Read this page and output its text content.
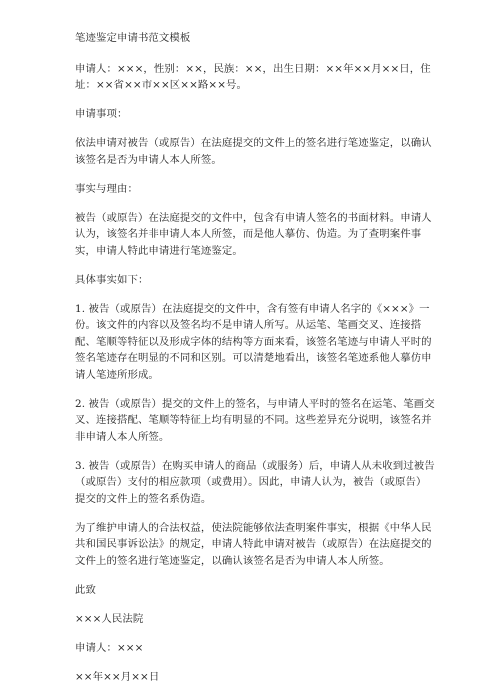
笔迹鉴定申请书范文模板

申请人：×××，性别：××，民族：××，出生日期：××年××月××日，住址：××省××市××区××路××号。

申请事项：

依法申请对被告（或原告）在法庭提交的文件上的签名进行笔迹鉴定，以确认该签名是否为申请人本人所签。

事实与理由：

被告（或原告）在法庭提交的文件中，包含有申请人签名的书面材料。申请人认为，该签名并非申请人本人所签，而是他人摹仿、伪造。为了查明案件事实，申请人特此申请进行笔迹鉴定。

具体事实如下：

1. 被告（或原告）在法庭提交的文件中，含有签有申请人名字的《×××》一份。该文件的内容以及签名均不是申请人所写。从运笔、笔画交叉、连接搭配、笔顺等特征以及形成字体的结构等方面来看，该签名笔迹与申请人平时的签名笔迹存在明显的不同和区别。可以清楚地看出，该签名笔迹系他人摹仿申请人笔迹所形成。

2. 被告（或原告）提交的文件上的签名，与申请人平时的签名在运笔、笔画交叉、连接搭配、笔顺等特征上均有明显的不同。这些差异充分说明，该签名并非申请人本人所签。

3. 被告（或原告）在购买申请人的商品（或服务）后，申请人从未收到过被告（或原告）支付的相应款项（或费用）。因此，申请人认为，被告（或原告）提交的文件上的签名系伪造。

为了维护申请人的合法权益，使法院能够依法查明案件事实，根据《中华人民共和国民事诉讼法》的规定，申请人特此申请对被告（或原告）在法庭提交的文件上的签名进行笔迹鉴定，以确认该签名是否为申请人本人所签。

此致

×××人民法院

申请人：×××

××年××月××日
